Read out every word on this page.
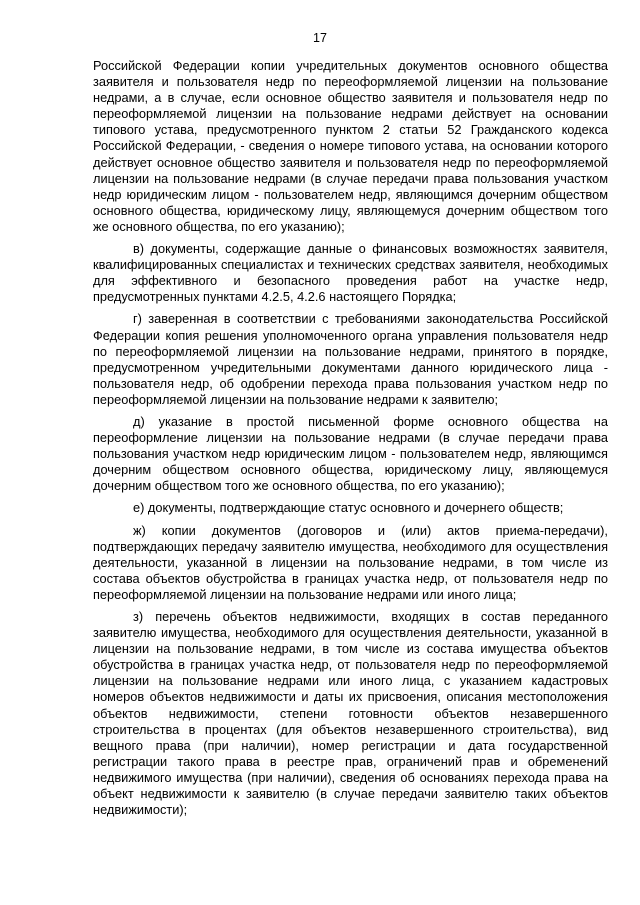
17

Российской Федерации копии учредительных документов основного общества заявителя и пользователя недр по переоформляемой лицензии на пользование недрами, а в случае, если основное общество заявителя и пользователя недр по переоформляемой лицензии на пользование недрами действует на основании типового устава, предусмотренного пунктом 2 статьи 52 Гражданского кодекса Российской Федерации, - сведения о номере типового устава, на основании которого действует основное общество заявителя и пользователя недр по переоформляемой лицензии на пользование недрами (в случае передачи права пользования участком недр юридическим лицом - пользователем недр, являющимся дочерним обществом основного общества, юридическому лицу, являющемуся дочерним обществом того же основного общества, по его указанию);

в) документы, содержащие данные о финансовых возможностях заявителя, квалифицированных специалистах и технических средствах заявителя, необходимых для эффективного и безопасного проведения работ на участке недр, предусмотренных пунктами 4.2.5, 4.2.6 настоящего Порядка;

г) заверенная в соответствии с требованиями законодательства Российской Федерации копия решения уполномоченного органа управления пользователя недр по переоформляемой лицензии на пользование недрами, принятого в порядке, предусмотренном учредительными документами данного юридического лица - пользователя недр, об одобрении перехода права пользования участком недр по переоформляемой лицензии на пользование недрами к заявителю;

д) указание в простой письменной форме основного общества на переоформление лицензии на пользование недрами (в случае передачи права пользования участком недр юридическим лицом - пользователем недр, являющимся дочерним обществом основного общества, юридическому лицу, являющемуся дочерним обществом того же основного общества, по его указанию);

е) документы, подтверждающие статус основного и дочернего обществ;

ж) копии документов (договоров и (или) актов приема-передачи), подтверждающих передачу заявителю имущества, необходимого для осуществления деятельности, указанной в лицензии на пользование недрами, в том числе из состава объектов обустройства в границах участка недр, от пользователя недр по переоформляемой лицензии на пользование недрами или иного лица;

з) перечень объектов недвижимости, входящих в состав переданного заявителю имущества, необходимого для осуществления деятельности, указанной в лицензии на пользование недрами, в том числе из состава имущества объектов обустройства в границах участка недр, от пользователя недр по переоформляемой лицензии на пользование недрами или иного лица, с указанием кадастровых номеров объектов недвижимости и даты их присвоения, описания местоположения объектов недвижимости, степени готовности объектов незавершенного строительства в процентах (для объектов незавершенного строительства), вид вещного права (при наличии), номер регистрации и дата государственной регистрации такого права в реестре прав, ограничений прав и обременений недвижимого имущества (при наличии), сведения об основаниях перехода права на объект недвижимости к заявителю (в случае передачи заявителю таких объектов недвижимости);
